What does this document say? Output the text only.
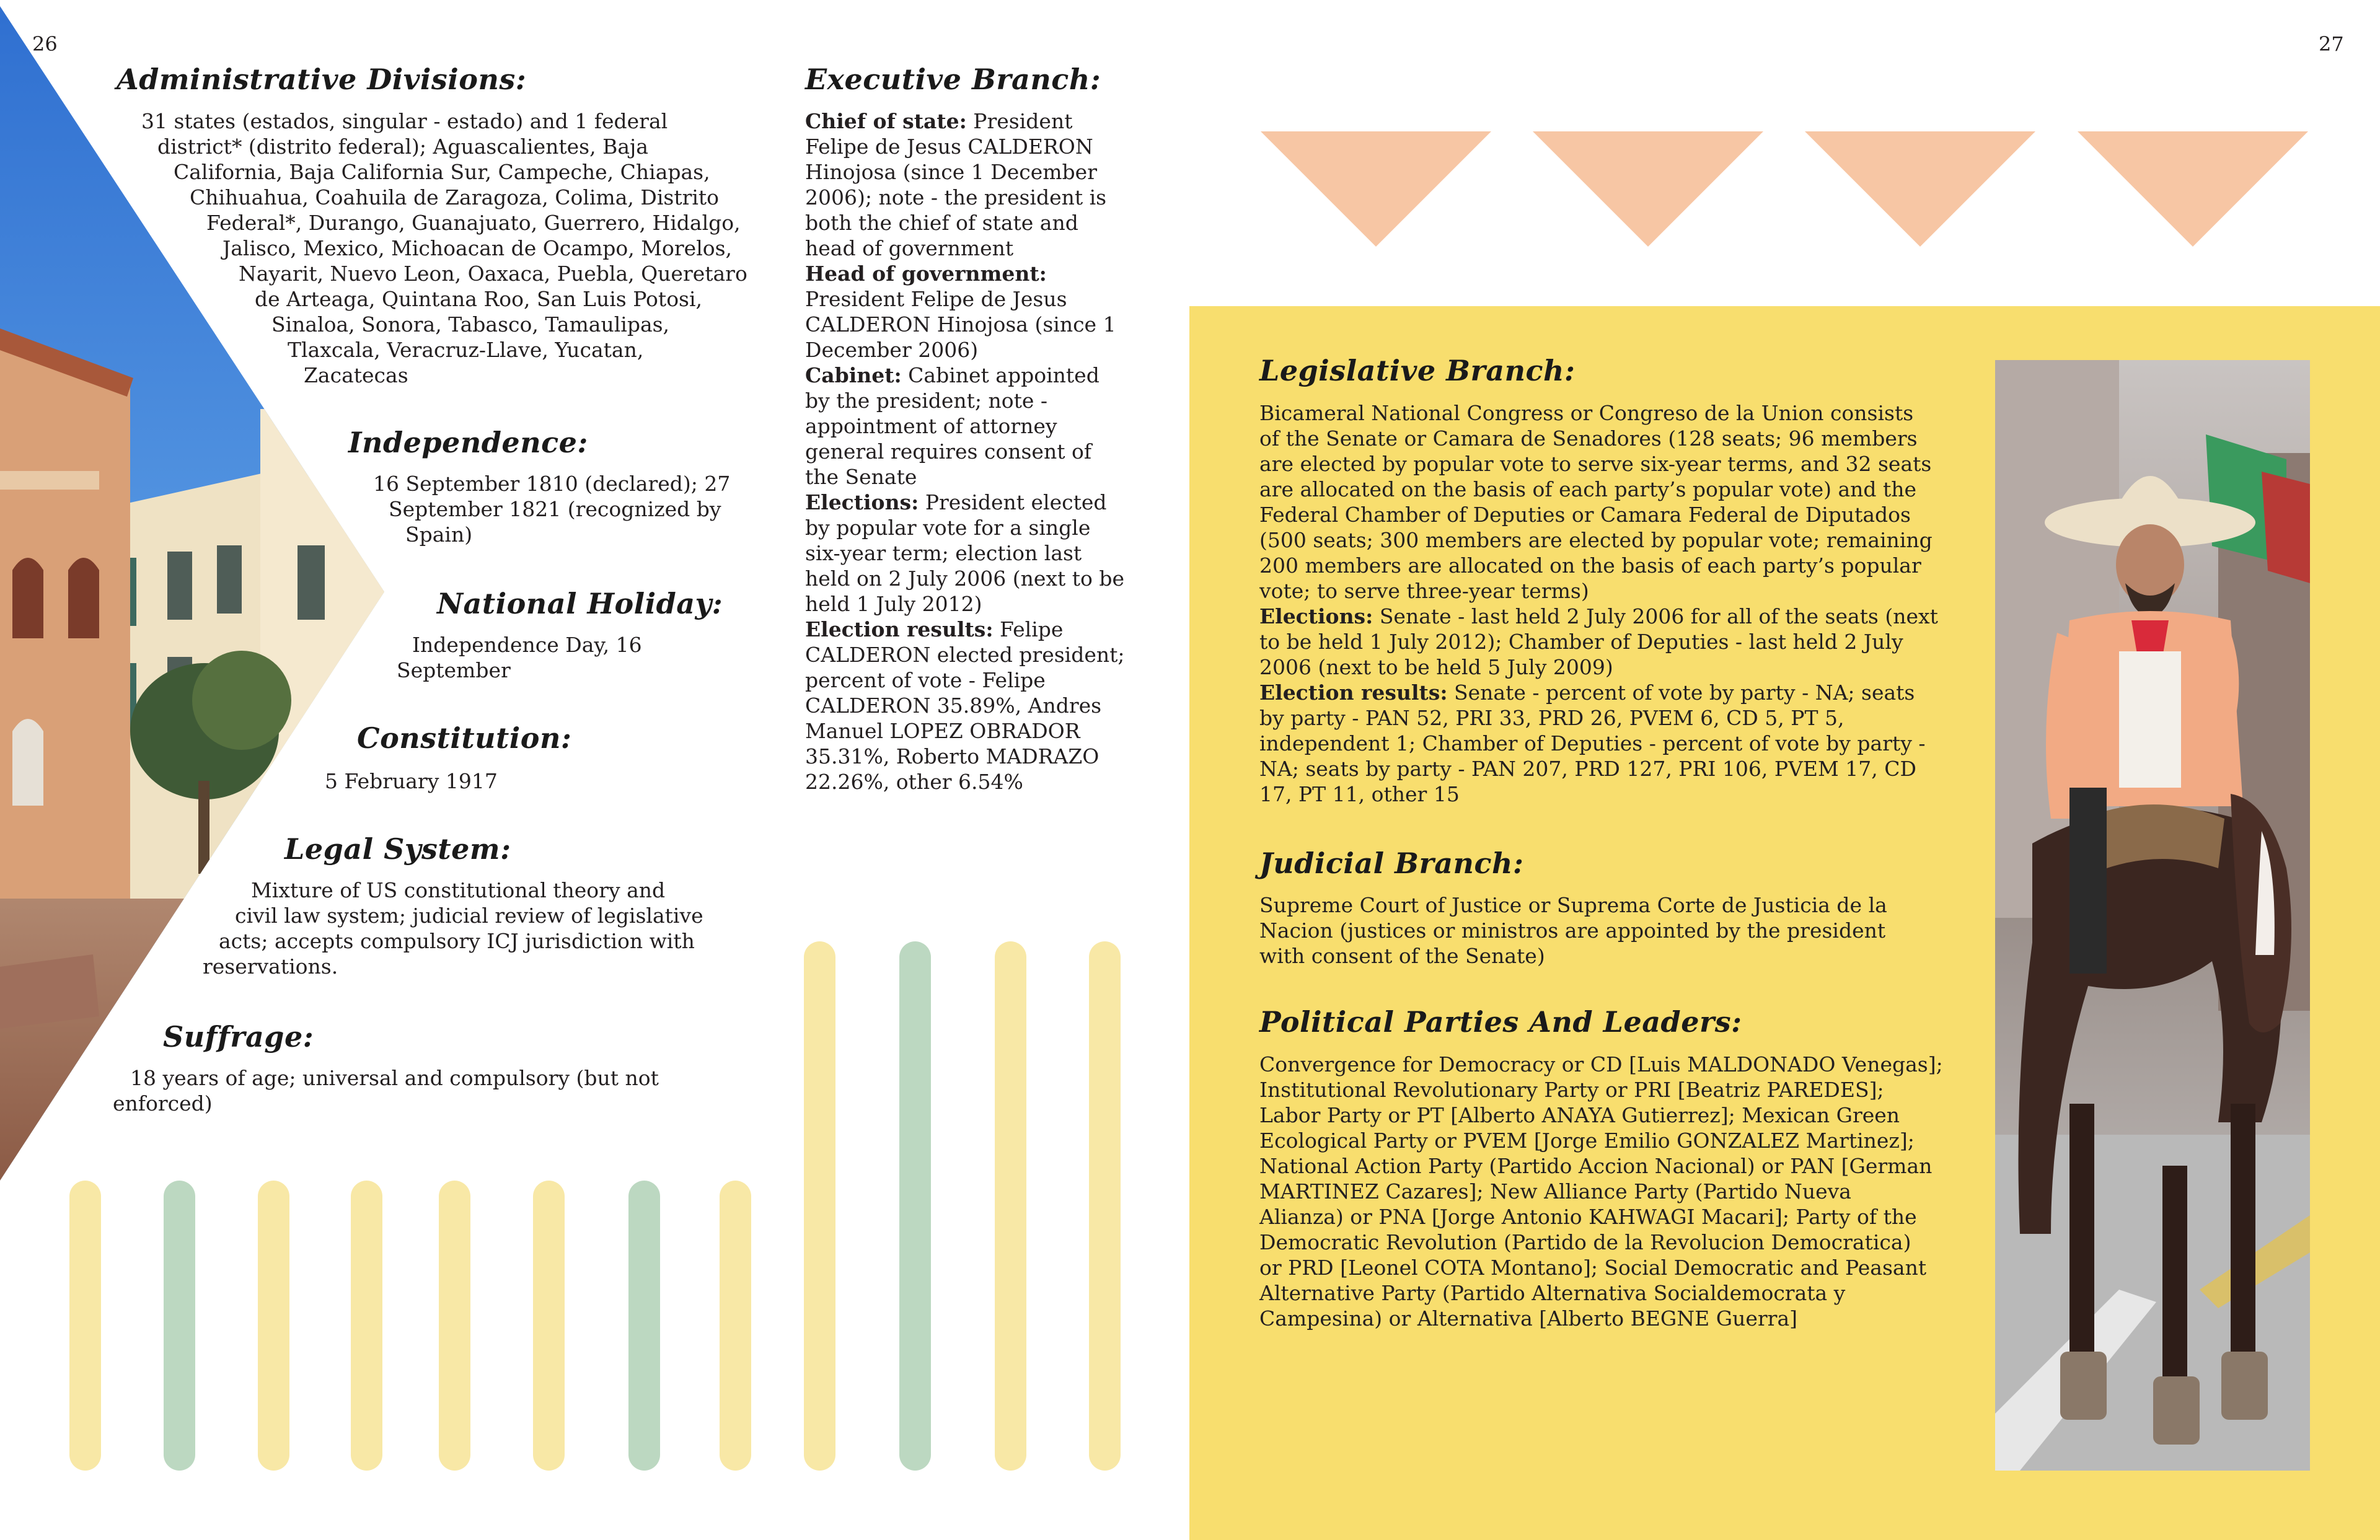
26
Administrative Divisions:
31 states (estados, singular - estado) and 1 federal
district* (distrito federal); Aguascalientes, Baja
California, Baja California Sur, Campeche, Chiapas,
Chihuahua, Coahuila de Zaragoza, Colima, Distrito
Federal*, Durango, Guanajuato, Guerrero, Hidalgo,
Jalisco, Mexico, Michoacan de Ocampo, Morelos,
Nayarit, Nuevo Leon, Oaxaca, Puebla, Queretaro
de Arteaga, Quintana Roo, San Luis Potosi,
Sinaloa, Sonora, Tabasco, Tamaulipas,
Tlaxcala, Veracruz-Llave, Yucatan,
Zacatecas
Independence:
16 September 1810 (declared); 27
September 1821 (recognized by
Spain)
National Holiday:
Independence Day, 16
September
Constitution:
5 February 1917
Legal System:
Mixture of US constitutional theory and
civil law system; judicial review of legislative
acts; accepts compulsory ICJ jurisdiction with
reservations.
Suffrage:
18 years of age; universal and compulsory (but not
enforced)
Executive Branch:

Chief of state: President Felipe de Jesus CALDERON Hinojosa (since 1 December 2006); note - the president is both the chief of state and head of government

Head of government: President Felipe de Jesus CALDERON Hinojosa (since 1 December 2006)

Cabinet: Cabinet appointed by the president; note - appointment of attorney general requires consent of the Senate

Elections: President elected by popular vote for a single six-year term; election last held on 2 July 2006 (next to be held 1 July 2012)

Election results: Felipe CALDERON elected president; percent of vote - Felipe CALDERON 35.89%, Andres Manuel LOPEZ OBRADOR 35.31%, Roberto MADRAZO 22.26%, other 6.54%

27
Legislative Branch:
Bicameral National Congress or Congreso de la Union consists
of the Senate or Camara de Senadores (128 seats; 96 members
are elected by popular vote to serve six-year terms, and 32 seats
are allocated on the basis of each party’s popular vote) and the
Federal Chamber of Deputies or Camara Federal de Diputados
(500 seats; 300 members are elected by popular vote; remaining
200 members are allocated on the basis of each party’s popular
vote; to serve three-year terms)
Elections: Senate - last held 2 July 2006 for all of the seats (next
to be held 1 July 2012); Chamber of Deputies - last held 2 July
2006 (next to be held 5 July 2009)
Election results: Senate - percent of vote by party - NA; seats
by party - PAN 52, PRI 33, PRD 26, PVEM 6, CD 5, PT 5,
independent 1; Chamber of Deputies - percent of vote by party -
NA; seats by party - PAN 207, PRD 127, PRI 106, PVEM 17, CD
17, PT 11, other 15
Judicial Branch:
Supreme Court of Justice or Suprema Corte de Justicia de la
Nacion (justices or ministros are appointed by the president
with consent of the Senate)
Political Parties And Leaders:
Convergence for Democracy or CD [Luis MALDONADO Venegas];
Institutional Revolutionary Party or PRI [Beatriz PAREDES];
Labor Party or PT [Alberto ANAYA Gutierrez]; Mexican Green
Ecological Party or PVEM [Jorge Emilio GONZALEZ Martinez];
National Action Party (Partido Accion Nacional) or PAN [German
MARTINEZ Cazares]; New Alliance Party (Partido Nueva
Alianza) or PNA [Jorge Antonio KAHWAGI Macari]; Party of the
Democratic Revolution (Partido de la Revolucion Democratica)
or PRD [Leonel COTA Montano]; Social Democratic and Peasant
Alternative Party (Partido Alternativa Socialdemocrata y
Campesina) or Alternativa [Alberto BEGNE Guerra]
